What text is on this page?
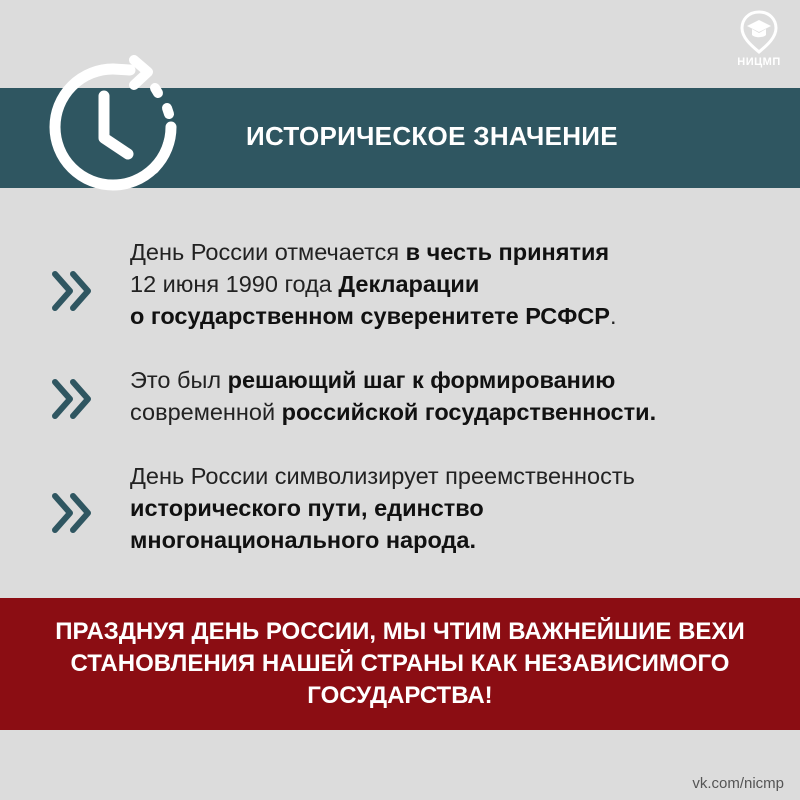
НИЦМП
ИСТОРИЧЕСКОЕ ЗНАЧЕНИЕ
День России отмечается в честь принятия
12 июня 1990 года Декларации
о государственном суверенитете РСФСР.
Это был решающий шаг к формированию
современной российской государственности.
День России символизирует преемственность
исторического пути, единство
многонационального народа.
ПРАЗДНУЯ ДЕНЬ РОССИИ, МЫ ЧТИМ ВАЖНЕЙШИЕ ВЕХИ
СТАНОВЛЕНИЯ НАШЕЙ СТРАНЫ КАК НЕЗАВИСИМОГО
ГОСУДАРСТВА!
vk.com/nicmp
